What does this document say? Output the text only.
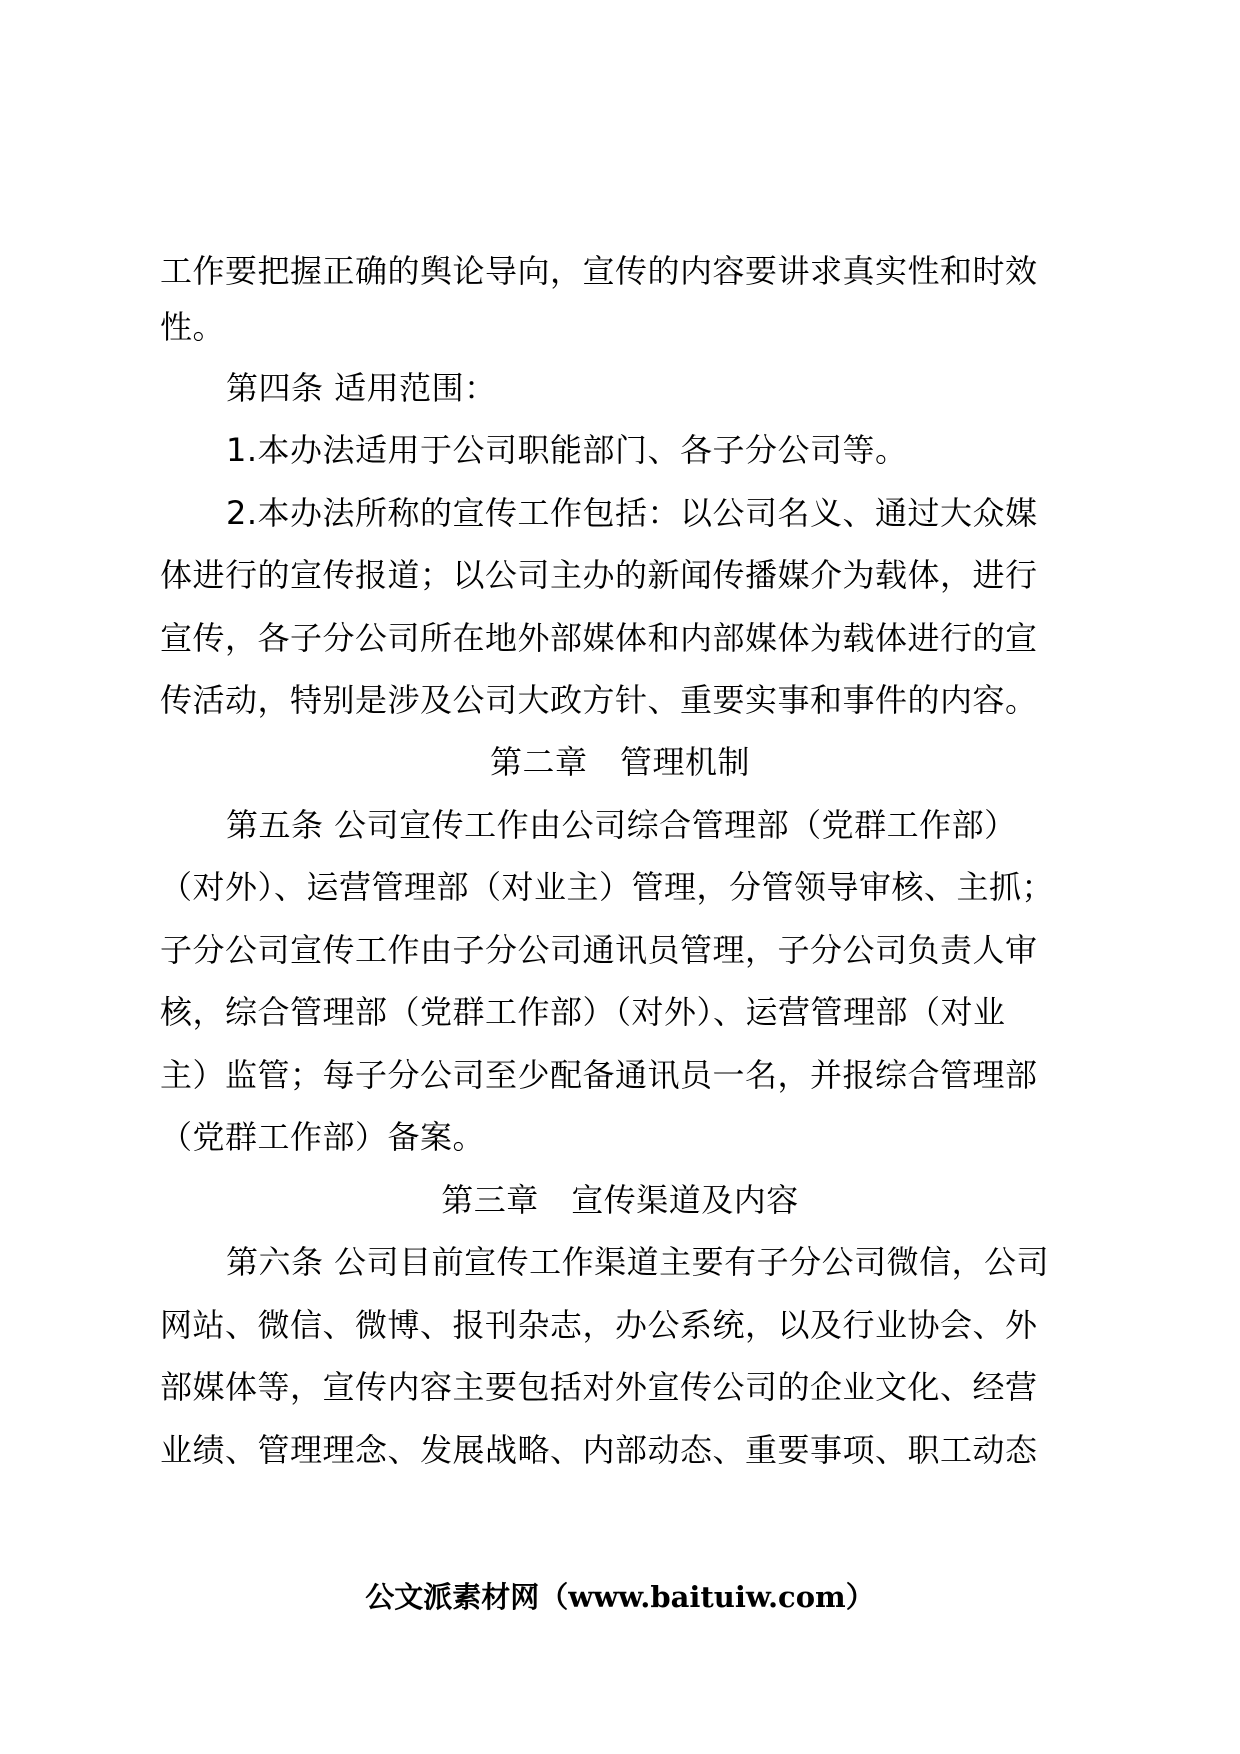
工作要把握正确的舆论导向，宣传的内容要讲求真实性和时效
性。
第四条 适用范围：
1.本办法适用于公司职能部门、各子分公司等。
2.本办法所称的宣传工作包括：以公司名义、通过大众媒
体进行的宣传报道；以公司主办的新闻传播媒介为载体，进行
宣传，各子分公司所在地外部媒体和内部媒体为载体进行的宣
传活动，特别是涉及公司大政方针、重要实事和事件的内容。
第二章　管理机制
第五条 公司宣传工作由公司综合管理部（党群工作部）
（对外）、运营管理部（对业主）管理，分管领导审核、主抓；
子分公司宣传工作由子分公司通讯员管理，子分公司负责人审
核，综合管理部（党群工作部）（对外）、运营管理部（对业
主）监管；每子分公司至少配备通讯员一名，并报综合管理部
（党群工作部）备案。
第三章　宣传渠道及内容
第六条 公司目前宣传工作渠道主要有子分公司微信，公司
网站、微信、微博、报刊杂志，办公系统，以及行业协会、外
部媒体等，宣传内容主要包括对外宣传公司的企业文化、经营
业绩、管理理念、发展战略、内部动态、重要事项、职工动态
公文派素材网（www.baituiw.com）
